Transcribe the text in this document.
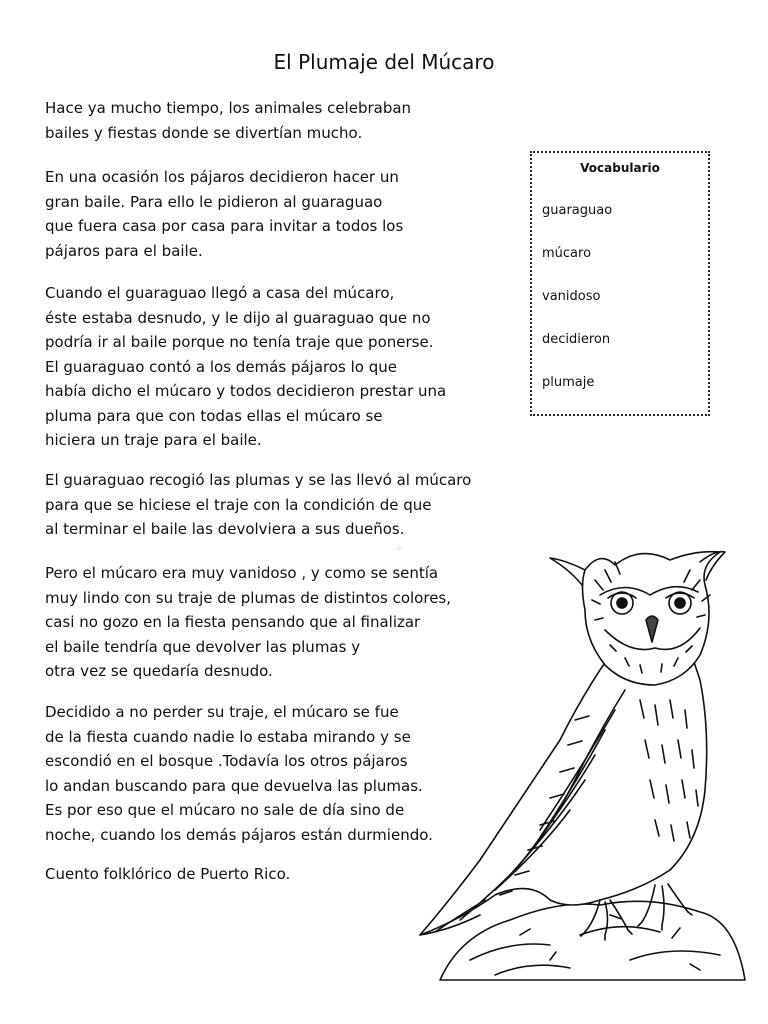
El Plumaje del Múcaro

Hace ya mucho tiempo, los animales celebraban
bailes y fiestas donde se divertían mucho.

En una ocasión los pájaros decidieron hacer un
gran baile. Para ello le pidieron al guaraguao
que fuera casa por casa para invitar a todos los
pájaros para el baile.

Cuando el guaraguao llegó a casa del múcaro,
éste estaba desnudo, y le dijo al guaraguao que no
podría ir al baile porque no tenía traje que ponerse.
El guaraguao contó a los demás pájaros lo que
había dicho el múcaro y todos decidieron prestar una
pluma para que con todas ellas el múcaro se
hiciera un traje para el baile.

El guaraguao recogió las plumas y se las llevó al múcaro
para que se hiciese el traje con la condición de que
al terminar el baile las devolviera a sus dueños.

Pero el múcaro era muy vanidoso , y como se sentía
muy lindo con su traje de plumas de distintos colores,
casi no gozo en la fiesta pensando que al finalizar
el baile tendría que devolver las plumas y
otra vez se quedaría desnudo.

Decidido a no perder su traje, el múcaro se fue
de la fiesta cuando nadie lo estaba mirando y se
escondió en el bosque .Todavía los otros pájaros
lo andan buscando para que devuelva las plumas.
Es por eso que el múcaro no sale de día sino de
noche, cuando los demás pájaros están durmiendo.

Cuento folklórico de Puerto Rico.

Vocabulario
guaraguao
múcaro
vanidoso
decidieron
plumaje
·:·
